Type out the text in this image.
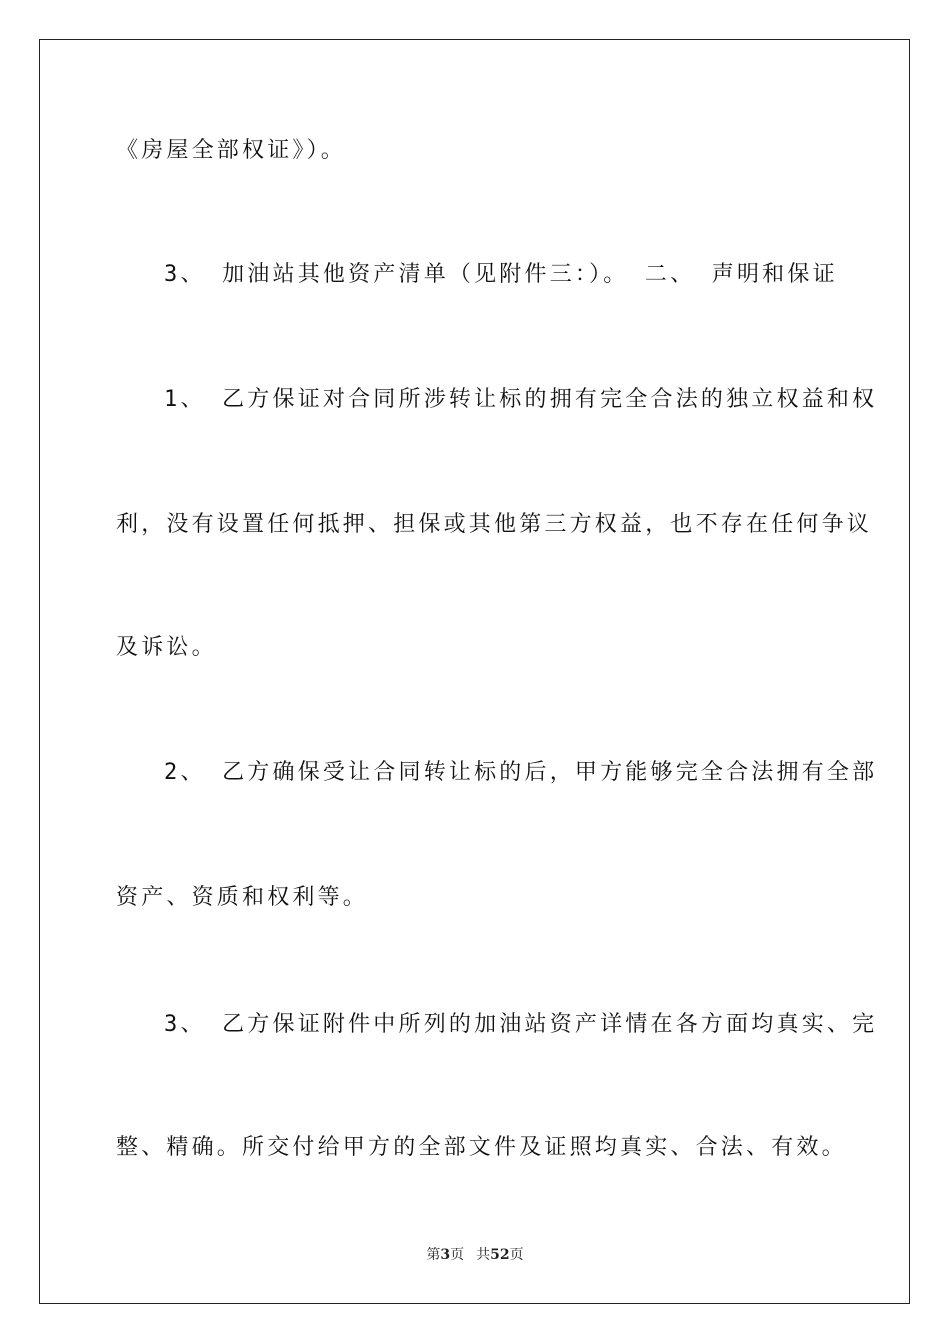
《房屋全部权证》）。
3、 加油站其他资产清单（见附件三：）。 二、 声明和保证
1、 乙方保证对合同所涉转让标的拥有完全合法的独立权益和权
利，没有设置任何抵押、担保或其他第三方权益，也不存在任何争议
及诉讼。
2、 乙方确保受让合同转让标的后，甲方能够完全合法拥有全部
资产、资质和权利等。
3、 乙方保证附件中所列的加油站资产详情在各方面均真实、完
整、精确。所交付给甲方的全部文件及证照均真实、合法、有效。
第3页 共52页
